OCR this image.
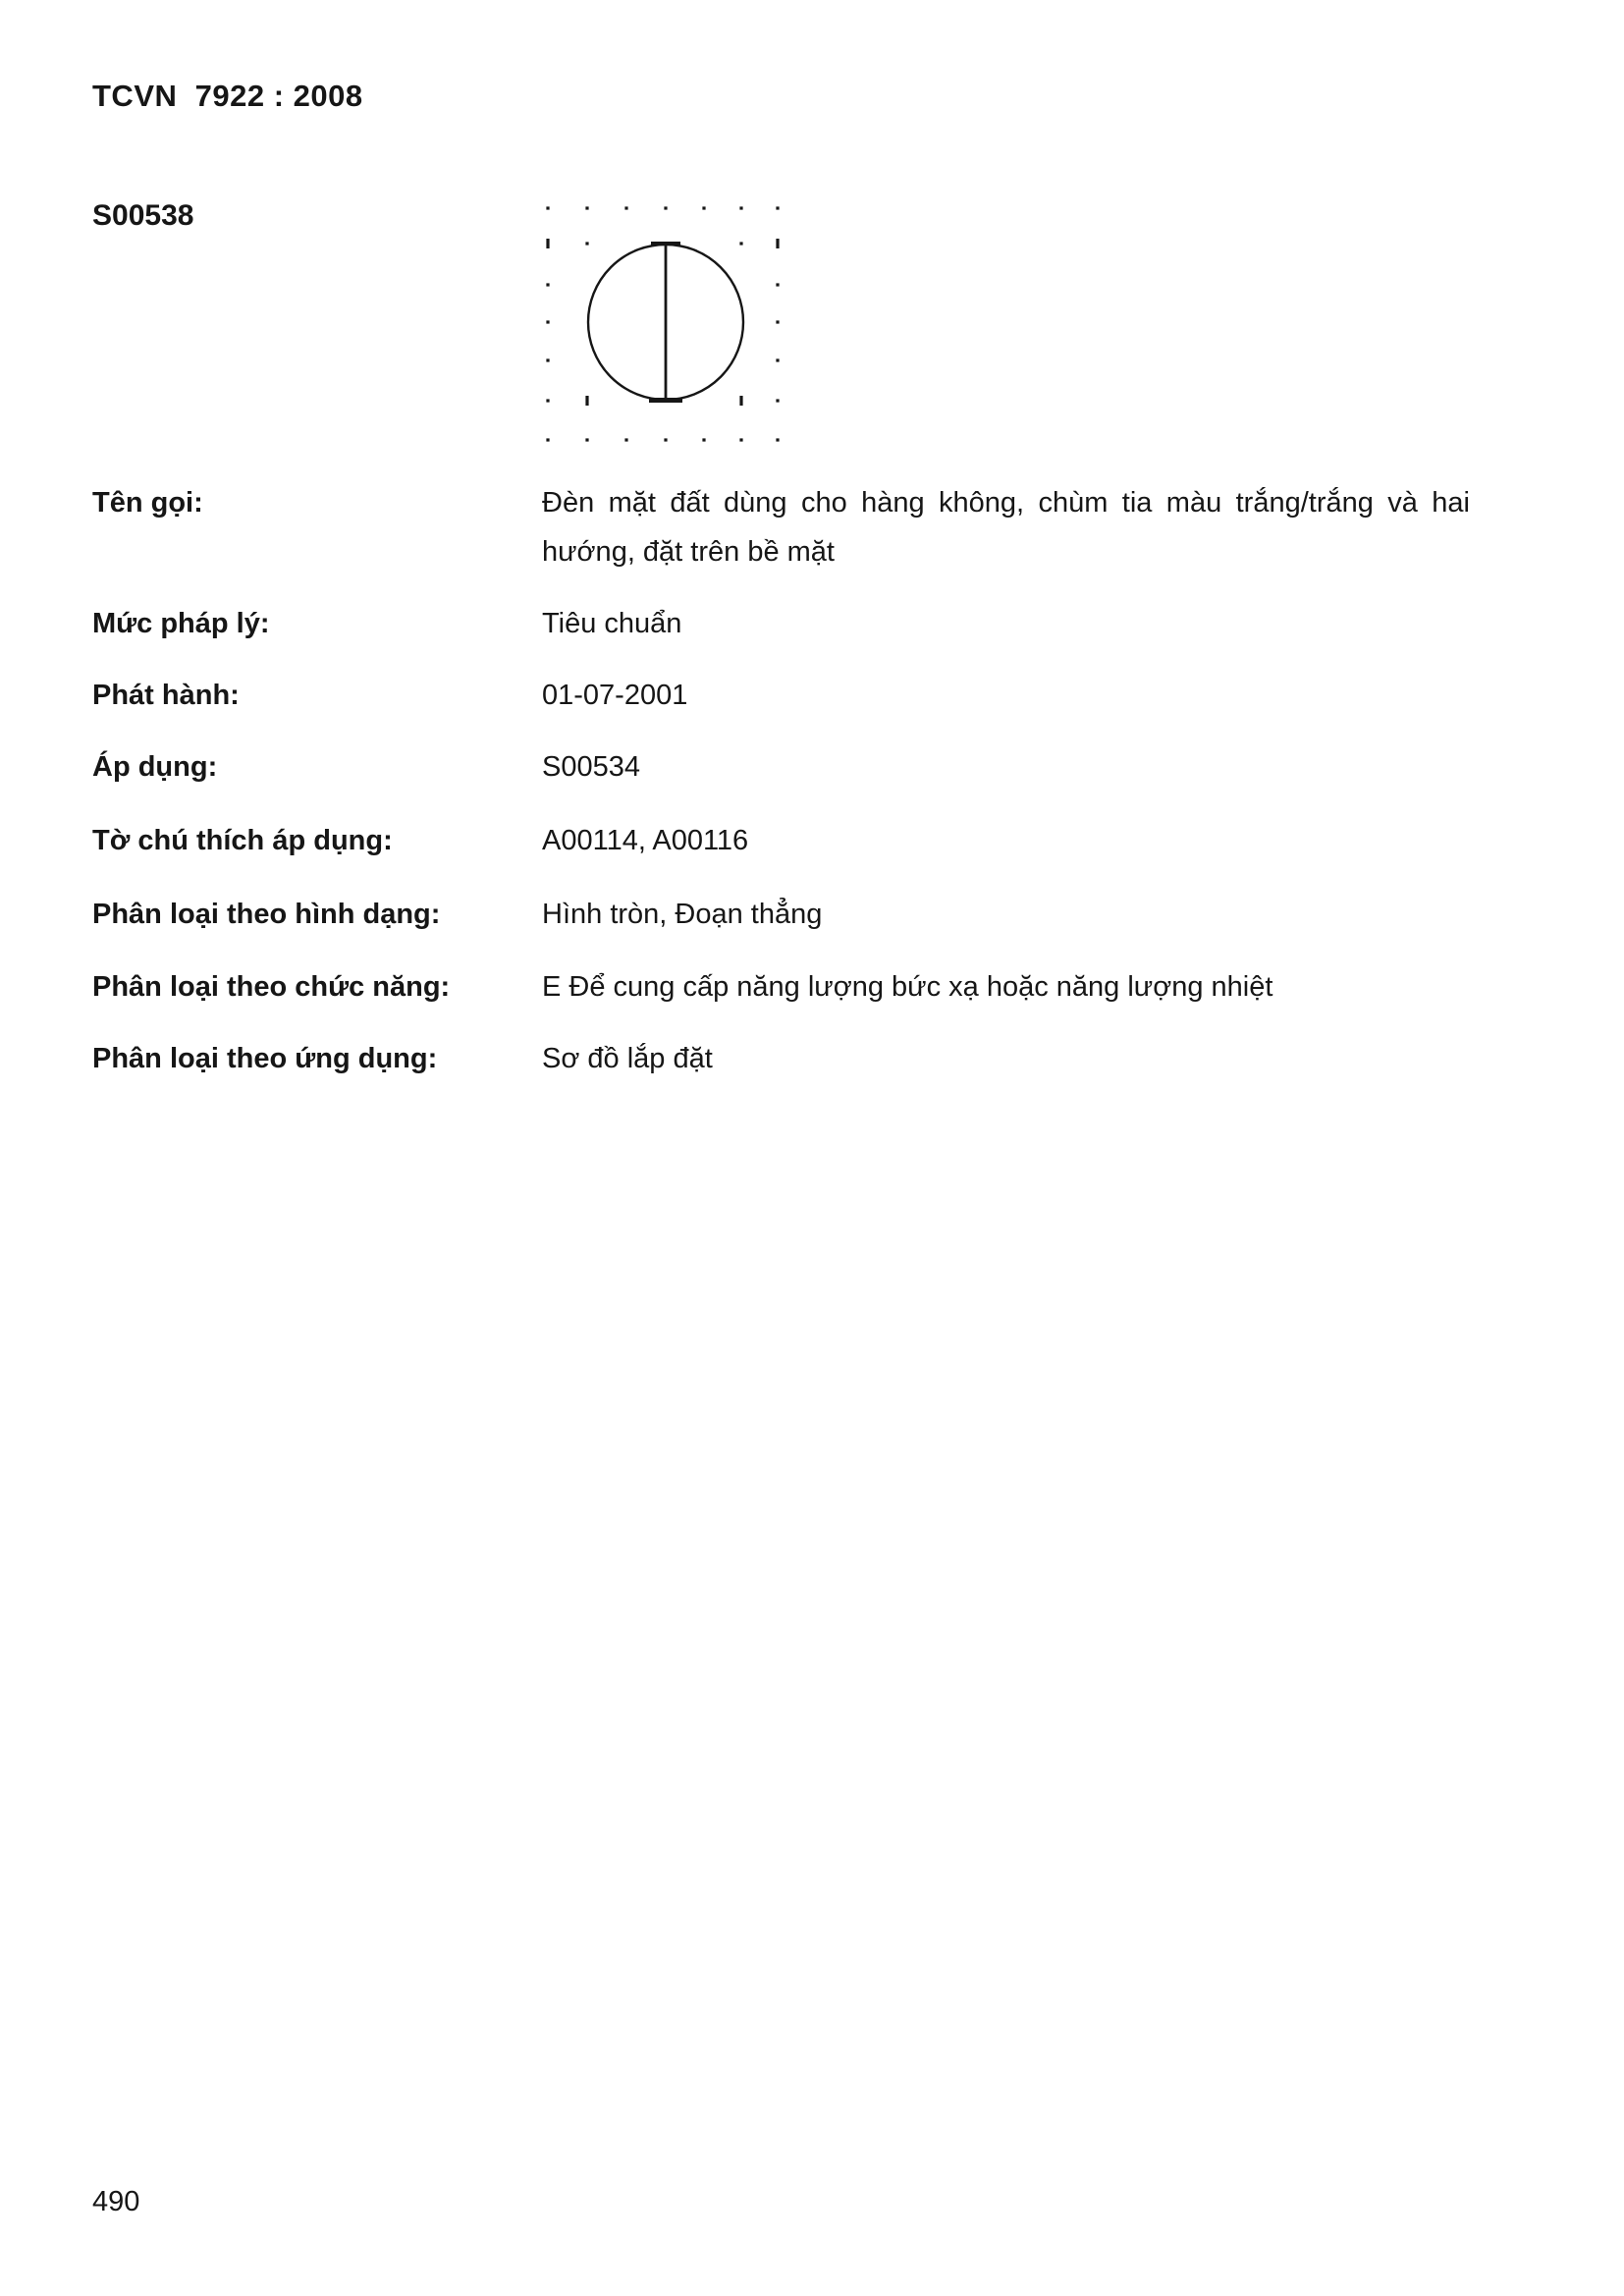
TCVN  7922 : 2008
S00538
Tên gọi:	Đèn mặt đất dùng cho hàng không, chùm tia màu trắng/trắng và hai
hướng, đặt trên bề mặt
Mức pháp lý:	Tiêu chuẩn
Phát hành:	01-07-2001
Áp dụng:	S00534
Tờ chú thích áp dụng:	A00114, A00116
Phân loại theo hình dạng:	Hình tròn, Đoạn thẳng
Phân loại theo chức năng:	E Để cung cấp năng lượng bức xạ hoặc năng lượng nhiệt
Phân loại theo ứng dụng:	Sơ đồ lắp đặt
490
